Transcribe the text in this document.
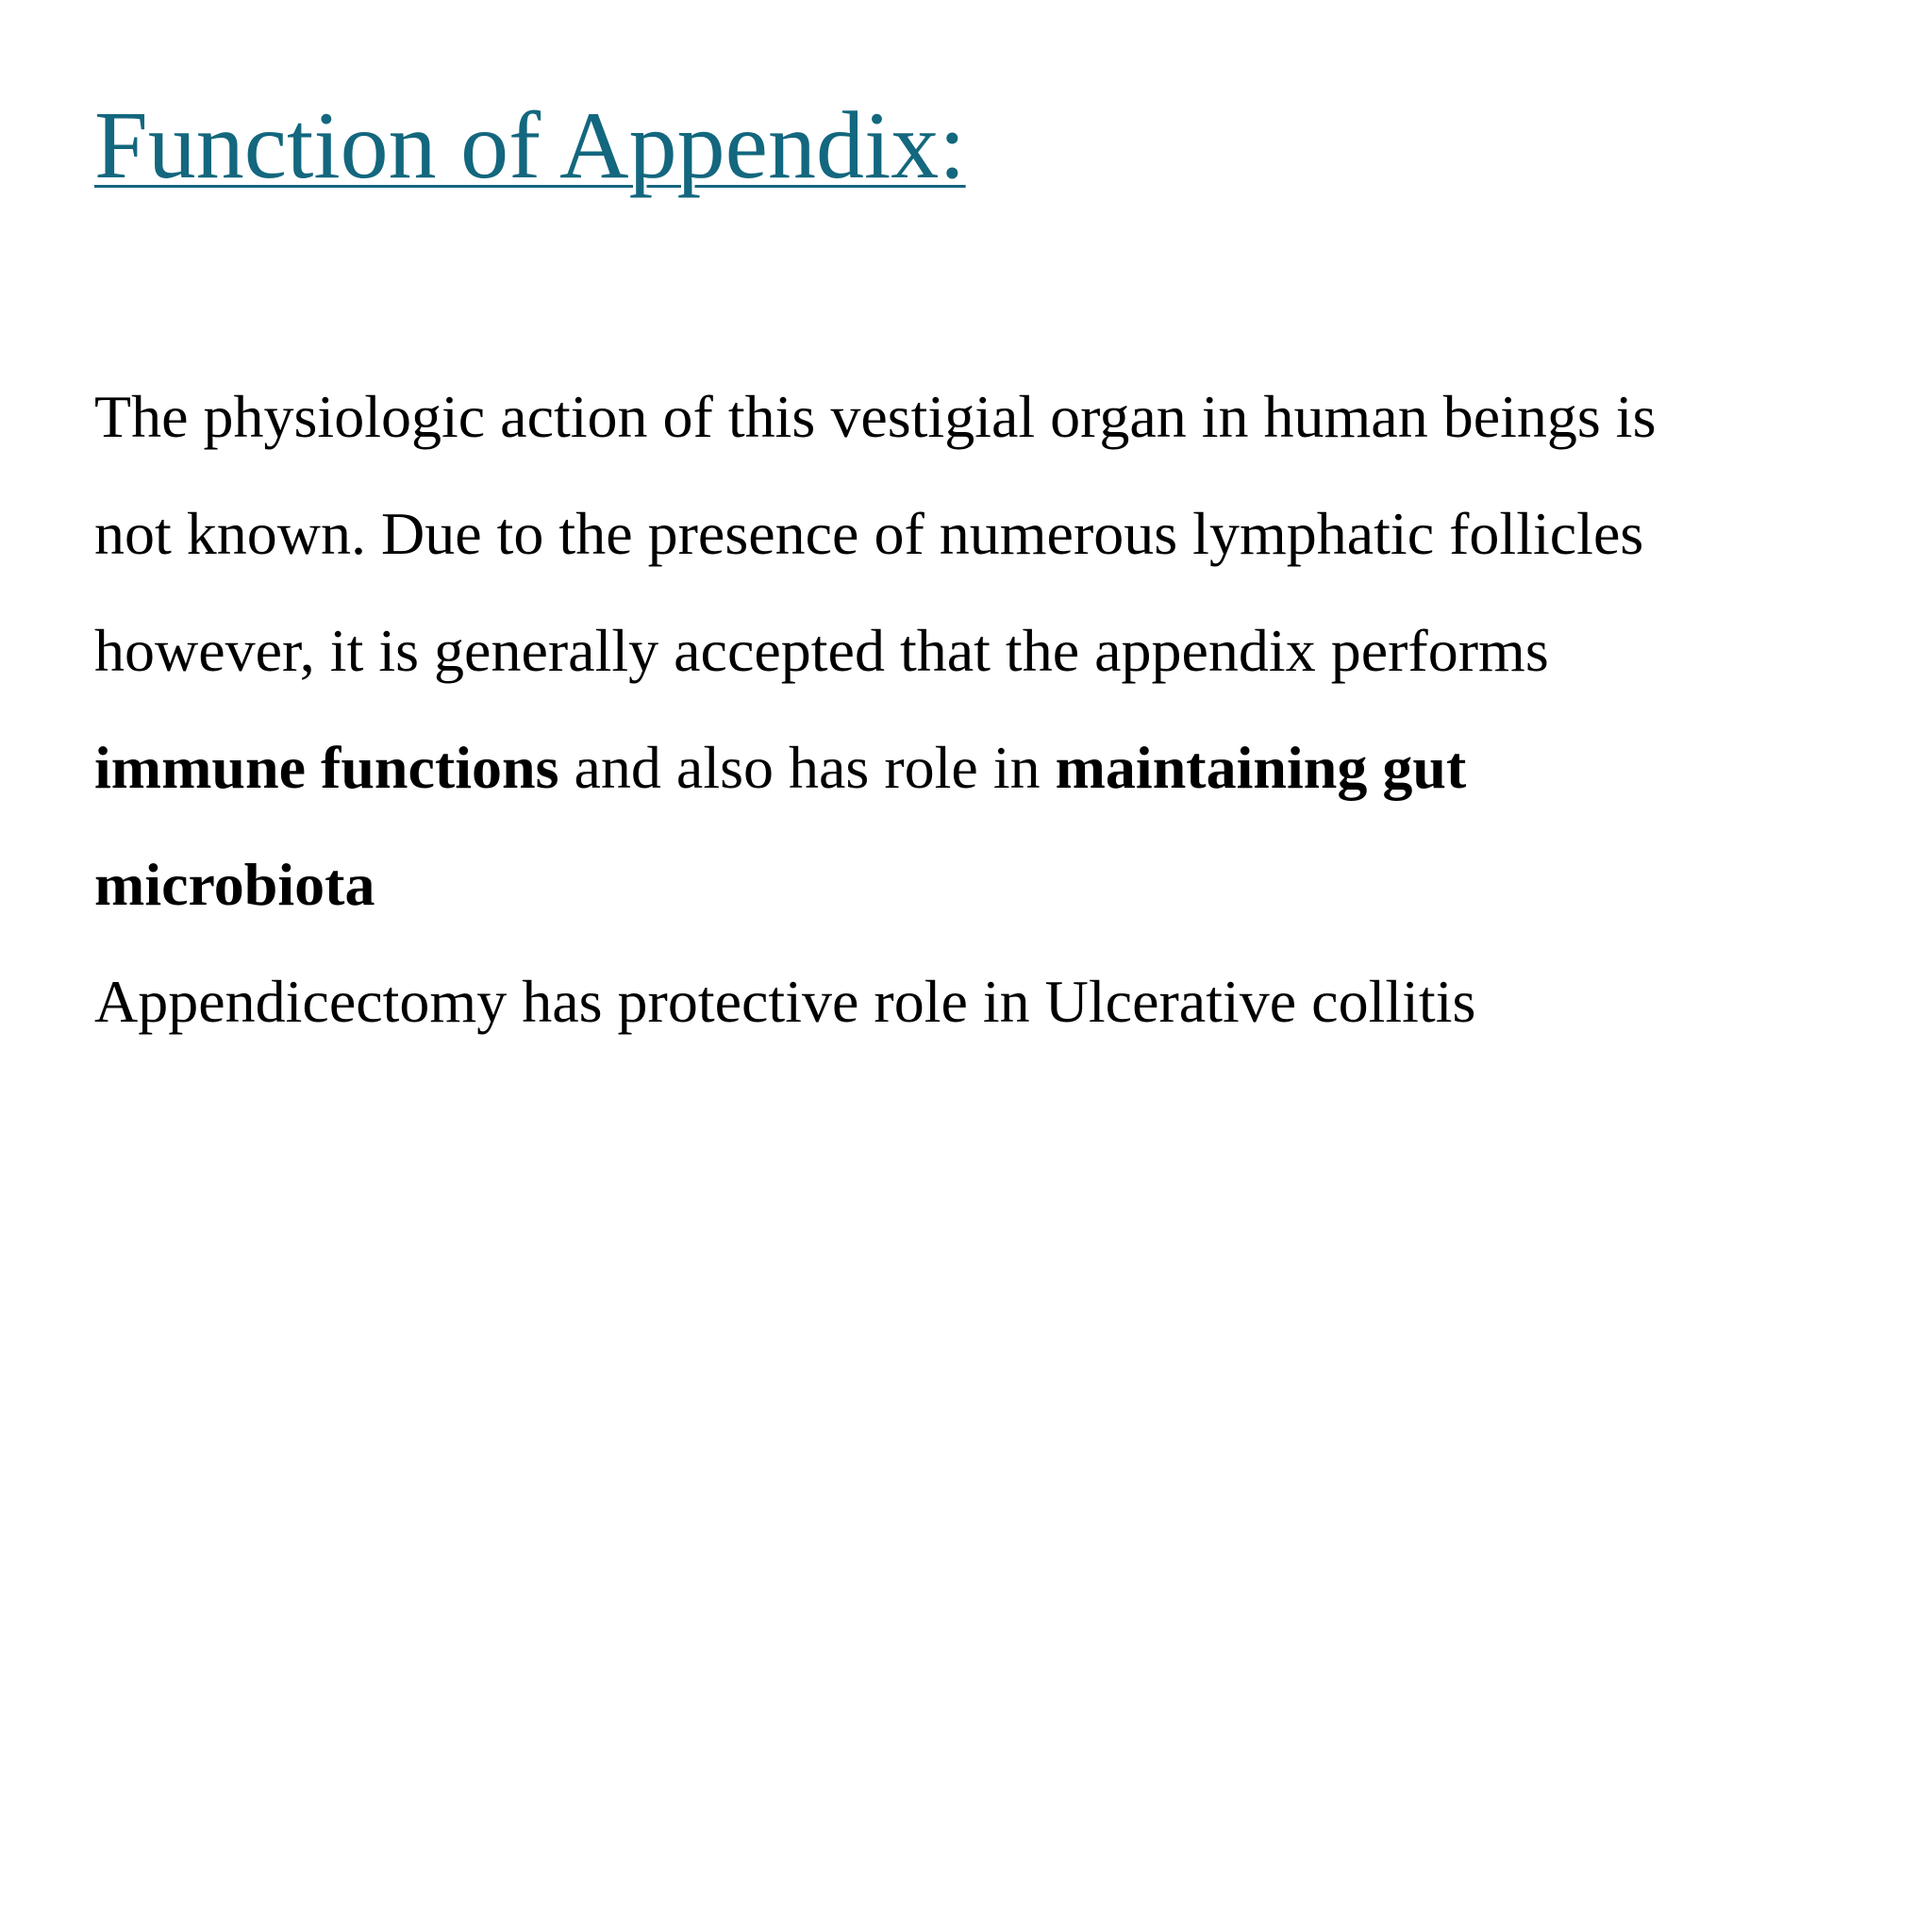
Function of Appendix:

The physiologic action of this vestigial organ in human beings is
not known. Due to the presence of numerous lymphatic follicles
however, it is generally accepted that the appendix performs
immune functions and also has role in maintaining gut
microbiota

Appendicectomy has protective role in Ulcerative collitis
